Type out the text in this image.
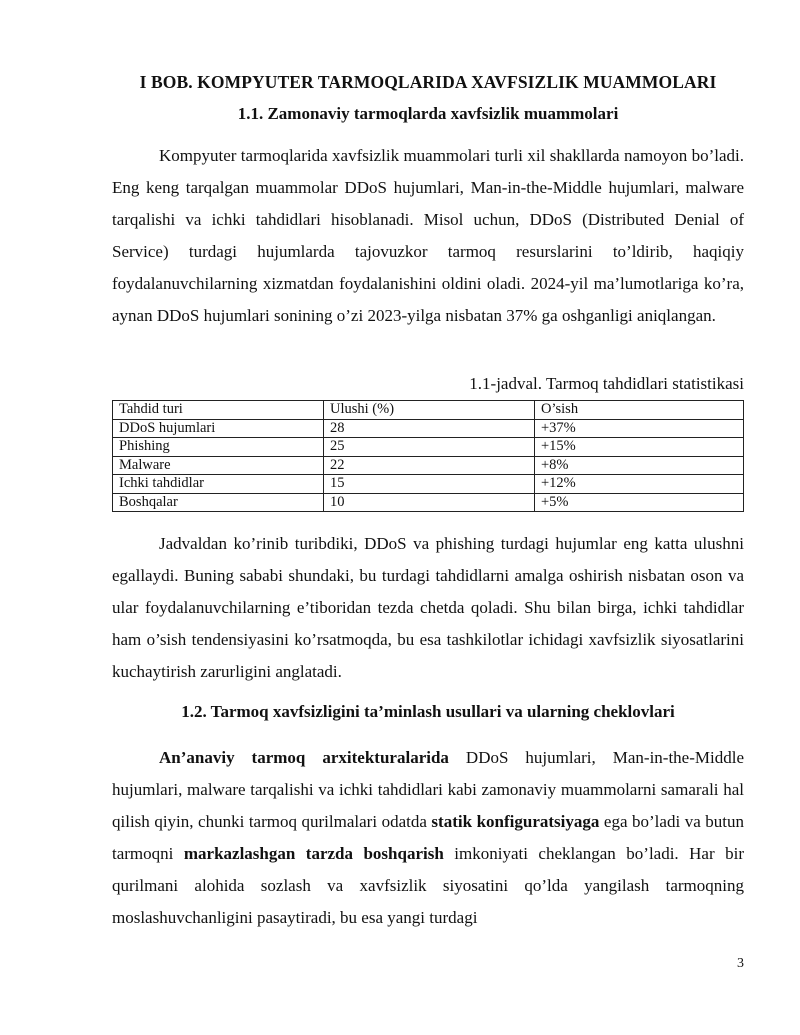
I BOB. KOMPYUTER TARMOQLARIDA XAVFSIZLIK MUAMMOLARI
1.1. Zamonaviy tarmoqlarda xavfsizlik muammolari

Kompyuter tarmoqlarida xavfsizlik muammolari turli xil shakllarda namoyon bo’ladi. Eng keng tarqalgan muammolar DDoS hujumlari, Man-in-the-Middle hujumlari, malware tarqalishi va ichki tahdidlari hisoblanadi. Misol uchun, DDoS (Distributed Denial of Service) turdagi hujumlarda tajovuzkor tarmoq resurslarini to’ldirib, haqiqiy foydalanuvchilarning xizmatdan foydalanishini oldini oladi. 2024-yil ma’lumotlariga ko’ra, aynan DDoS hujumlari sonining o’zi 2023-yilga nisbatan 37% ga oshganligi aniqlangan.

1.1-jadval. Tarmoq tahdidlari statistikasi
Tahdid turi	Ulushi (%)	O’sish
DDoS hujumlari	28	+37%
Phishing	25	+15%
Malware	22	+8%
Ichki tahdidlar	15	+12%
Boshqalar	10	+5%

Jadvaldan ko’rinib turibdiki, DDoS va phishing turdagi hujumlar eng katta ulushni egallaydi. Buning sababi shundaki, bu turdagi tahdidlarni amalga oshirish nisbatan oson va ular foydalanuvchilarning e’tiboridan tezda chetda qoladi. Shu bilan birga, ichki tahdidlar ham o’sish tendensiyasini ko’rsatmoqda, bu esa tashkilotlar ichidagi xavfsizlik siyosatlarini kuchaytirish zarurligini anglatadi.

1.2. Tarmoq xavfsizligini ta’minlash usullari va ularning cheklovlari

An’anaviy tarmoq arxitekturalarida DDoS hujumlari, Man-in-the-Middle hujumlari, malware tarqalishi va ichki tahdidlari kabi zamonaviy muammolarni samarali hal qilish qiyin, chunki tarmoq qurilmalari odatda statik konfiguratsiyaga ega bo’ladi va butun tarmoqni markazlashgan tarzda boshqarish imkoniyati cheklangan bo’ladi. Har bir qurilmani alohida sozlash va xavfsizlik siyosatini qo’lda yangilash tarmoqning moslashuvchanligini pasaytiradi, bu esa yangi turdagi

3
